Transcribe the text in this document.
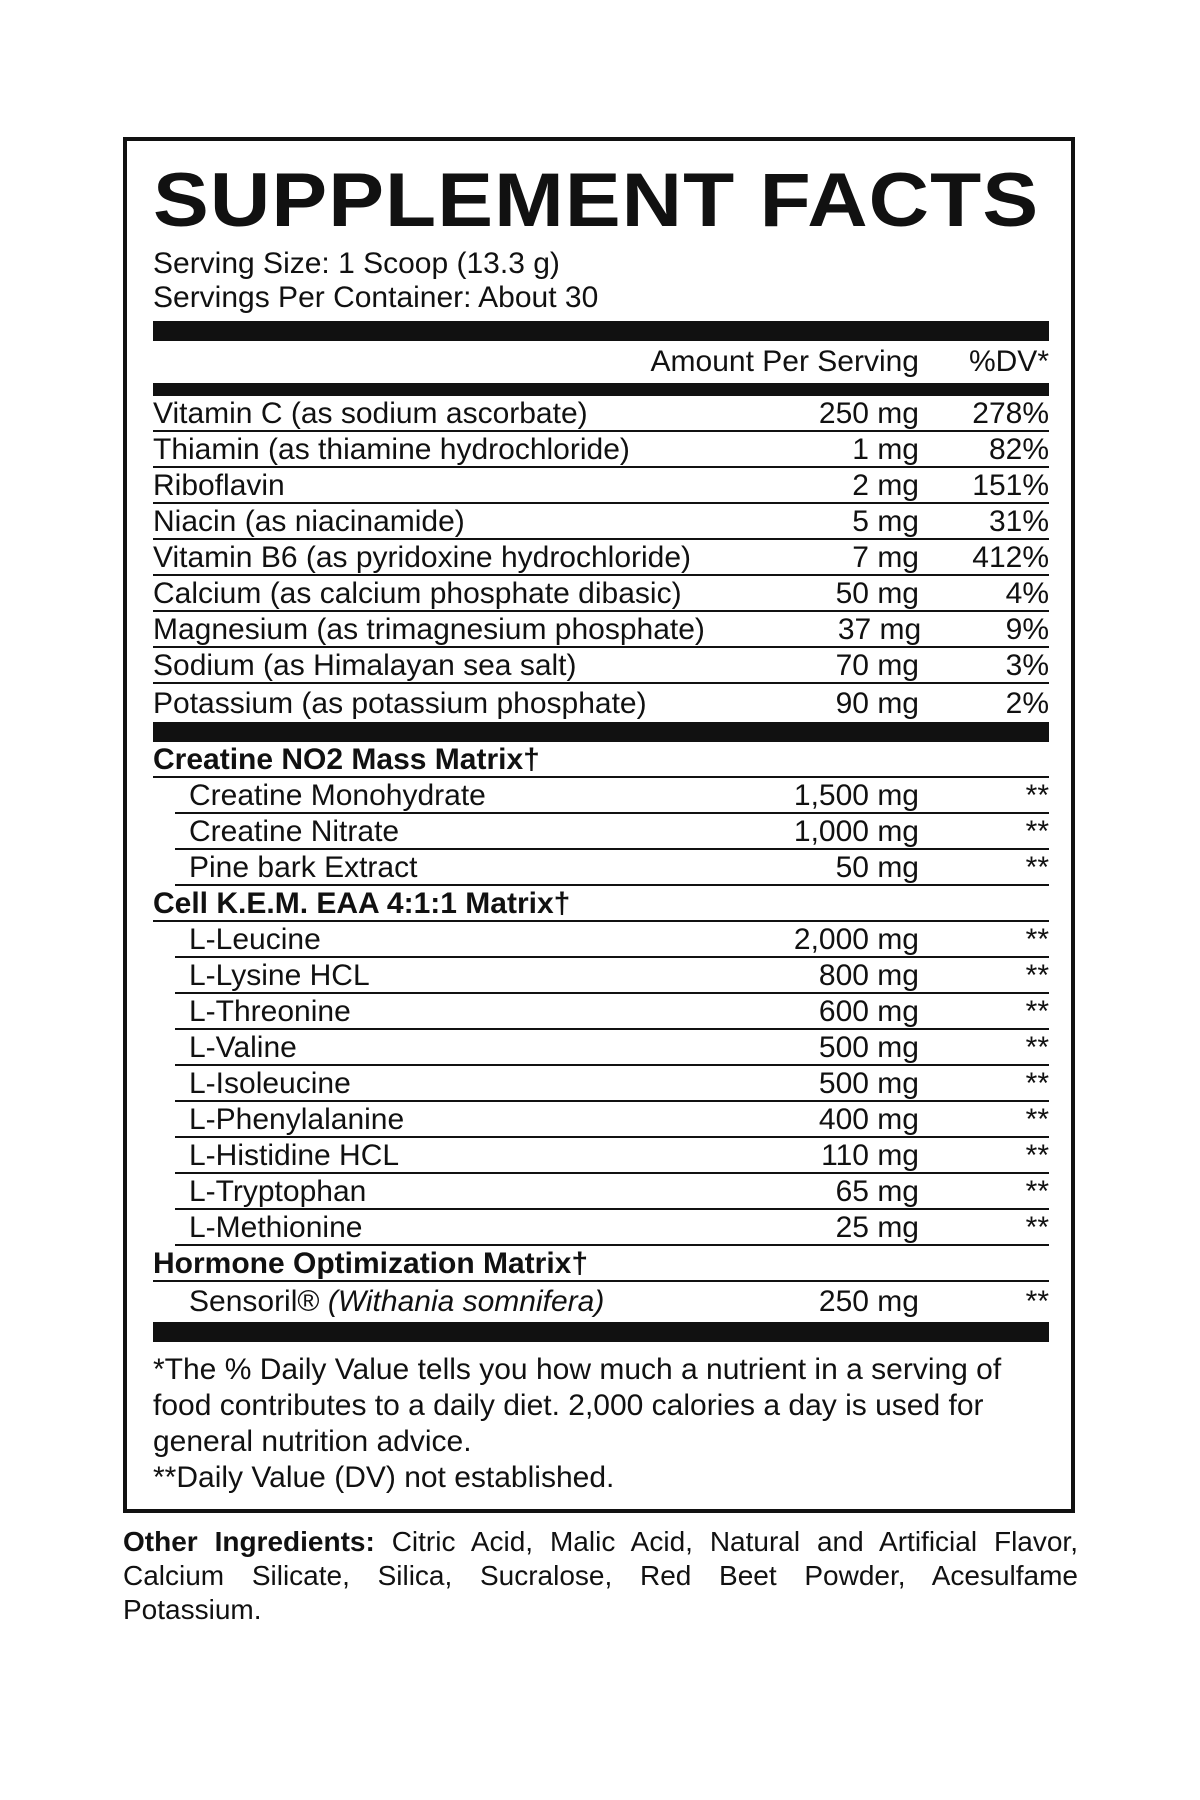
SUPPLEMENT FACTS
Serving Size: 1 Scoop (13.3 g)
Servings Per Container: About 30
Amount Per Serving	%DV*
Vitamin C (as sodium ascorbate)	250 mg	278%
Thiamin (as thiamine hydrochloride)	1 mg	82%
Riboflavin	2 mg	151%
Niacin (as niacinamide)	5 mg	31%
Vitamin B6 (as pyridoxine hydrochloride)	7 mg	412%
Calcium (as calcium phosphate dibasic)	50 mg	4%
Magnesium (as trimagnesium phosphate)	37 mg	9%
Sodium (as Himalayan sea salt)	70 mg	3%
Potassium (as potassium phosphate)	90 mg	2%
Creatine NO2 Mass Matrix†
Creatine Monohydrate	1,500 mg	**
Creatine Nitrate	1,000 mg	**
Pine bark Extract	50 mg	**
Cell K.E.M. EAA 4:1:1 Matrix†
L-Leucine	2,000 mg	**
L-Lysine HCL	800 mg	**
L-Threonine	600 mg	**
L-Valine	500 mg	**
L-Isoleucine	500 mg	**
L-Phenylalanine	400 mg	**
L-Histidine HCL	110 mg	**
L-Tryptophan	65 mg	**
L-Methionine	25 mg	**
Hormone Optimization Matrix†
Sensoril® (Withania somnifera)	250 mg	**
*The % Daily Value tells you how much a nutrient in a serving of food contributes to a daily diet. 2,000 calories a day is used for general nutrition advice.
**Daily Value (DV) not established.
Other Ingredients: Citric Acid, Malic Acid, Natural and Artificial Flavor, Calcium Silicate, Silica, Sucralose, Red Beet Powder, Acesulfame Potassium.
